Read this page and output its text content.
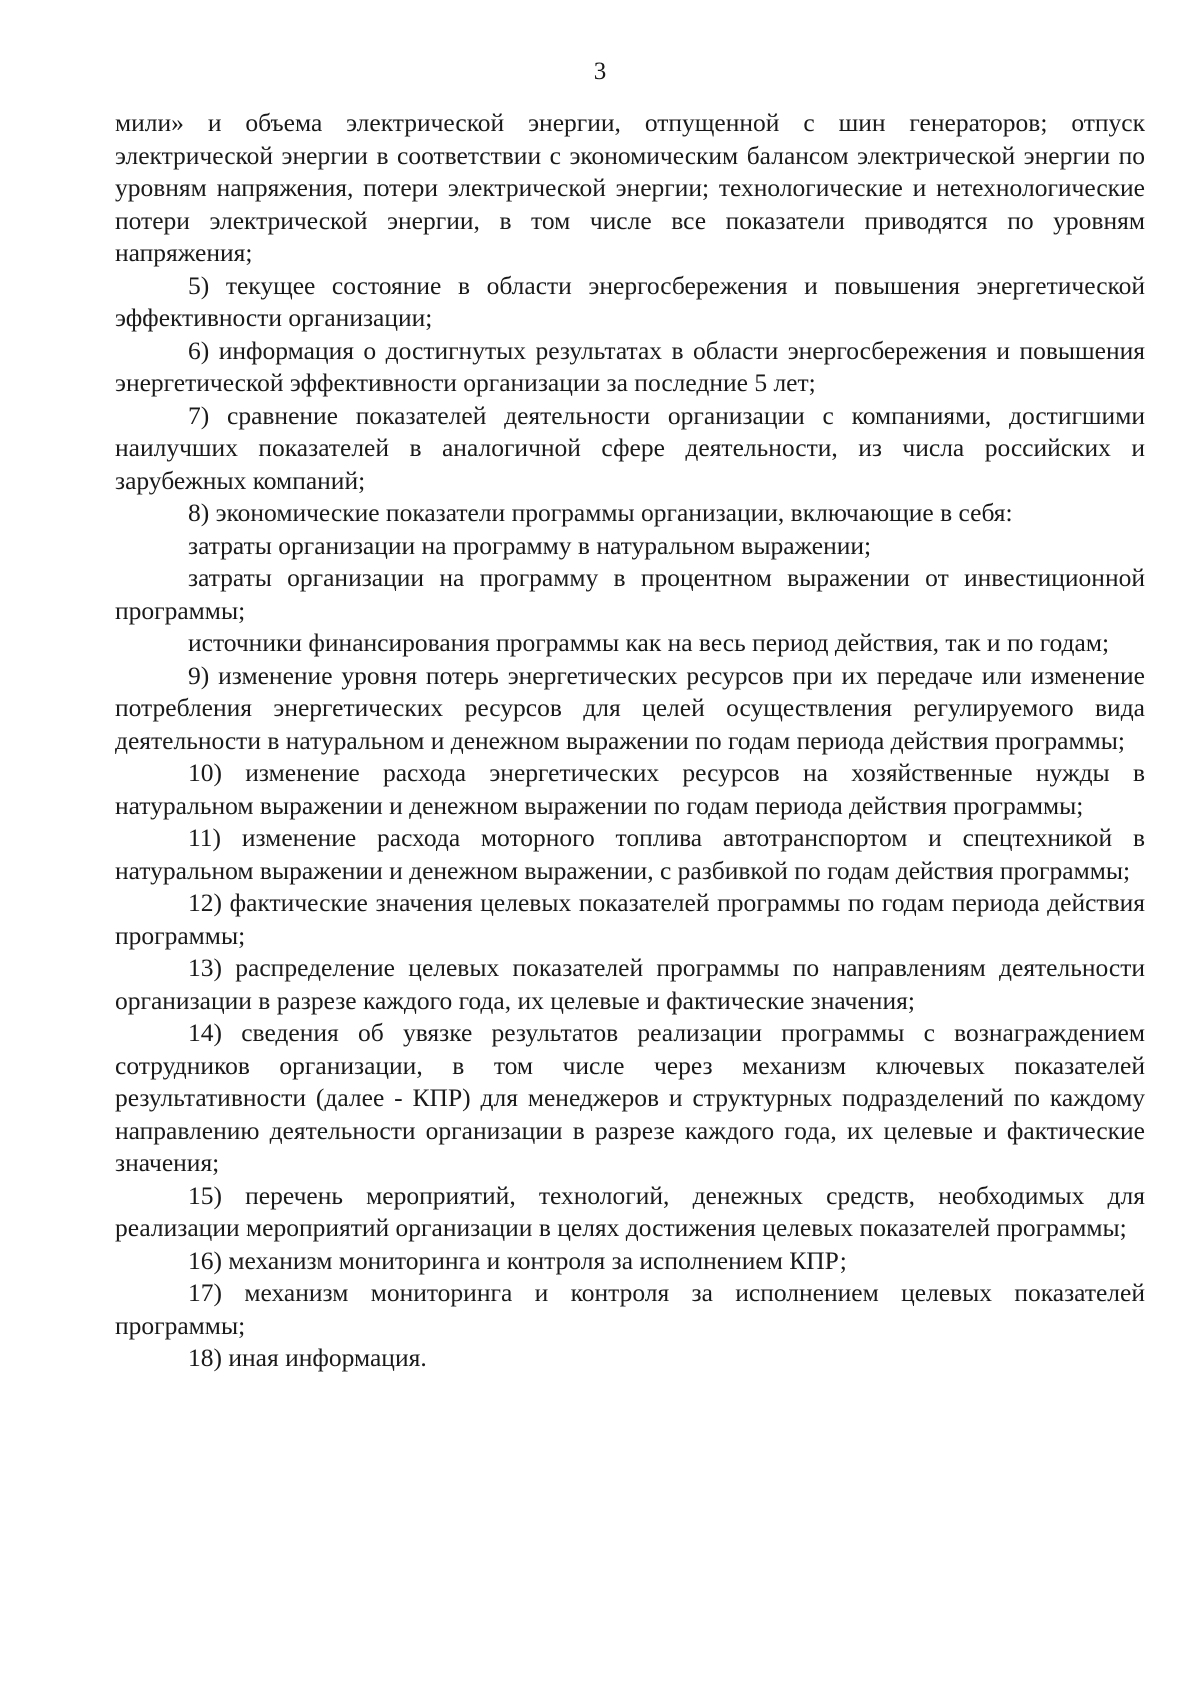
3

мили» и объема электрической энергии, отпущенной с шин генераторов; отпуск электрической энергии в соответствии с экономическим балансом электрической энергии по уровням напряжения, потери электрической энергии; технологические и нетехнологические потери электрической энергии, в том числе все показатели приводятся по уровням напряжения;

5) текущее состояние в области энергосбережения и повышения энергетической эффективности организации;

6) информация о достигнутых результатах в области энергосбережения и повышения энергетической эффективности организации за последние 5 лет;

7) сравнение показателей деятельности организации с компаниями, достигшими наилучших показателей в аналогичной сфере деятельности, из числа российских и зарубежных компаний;

8) экономические показатели программы организации, включающие в себя:

затраты организации на программу в натуральном выражении;

затраты организации на программу в процентном выражении от инвестиционной программы;

источники финансирования программы как на весь период действия, так и по годам;

9) изменение уровня потерь энергетических ресурсов при их передаче или изменение потребления энергетических ресурсов для целей осуществления регулируемого вида деятельности в натуральном и денежном выражении по годам периода действия программы;

10) изменение расхода энергетических ресурсов на хозяйственные нужды в натуральном выражении и денежном выражении по годам периода действия программы;

11) изменение расхода моторного топлива автотранспортом и спецтехникой в натуральном выражении и денежном выражении, с разбивкой по годам действия программы;

12) фактические значения целевых показателей программы по годам периода действия программы;

13) распределение целевых показателей программы по направлениям деятельности организации в разрезе каждого года, их целевые и фактические значения;

14) сведения об увязке результатов реализации программы с вознаграждением сотрудников организации, в том числе через механизм ключевых показателей результативности (далее - КПР) для менеджеров и структурных подразделений по каждому направлению деятельности организации в разрезе каждого года, их целевые и фактические значения;

15) перечень мероприятий, технологий, денежных средств, необходимых для реализации мероприятий организации в целях достижения целевых показателей программы;

16) механизм мониторинга и контроля за исполнением КПР;

17) механизм мониторинга и контроля за исполнением целевых показателей программы;

18) иная информация.
